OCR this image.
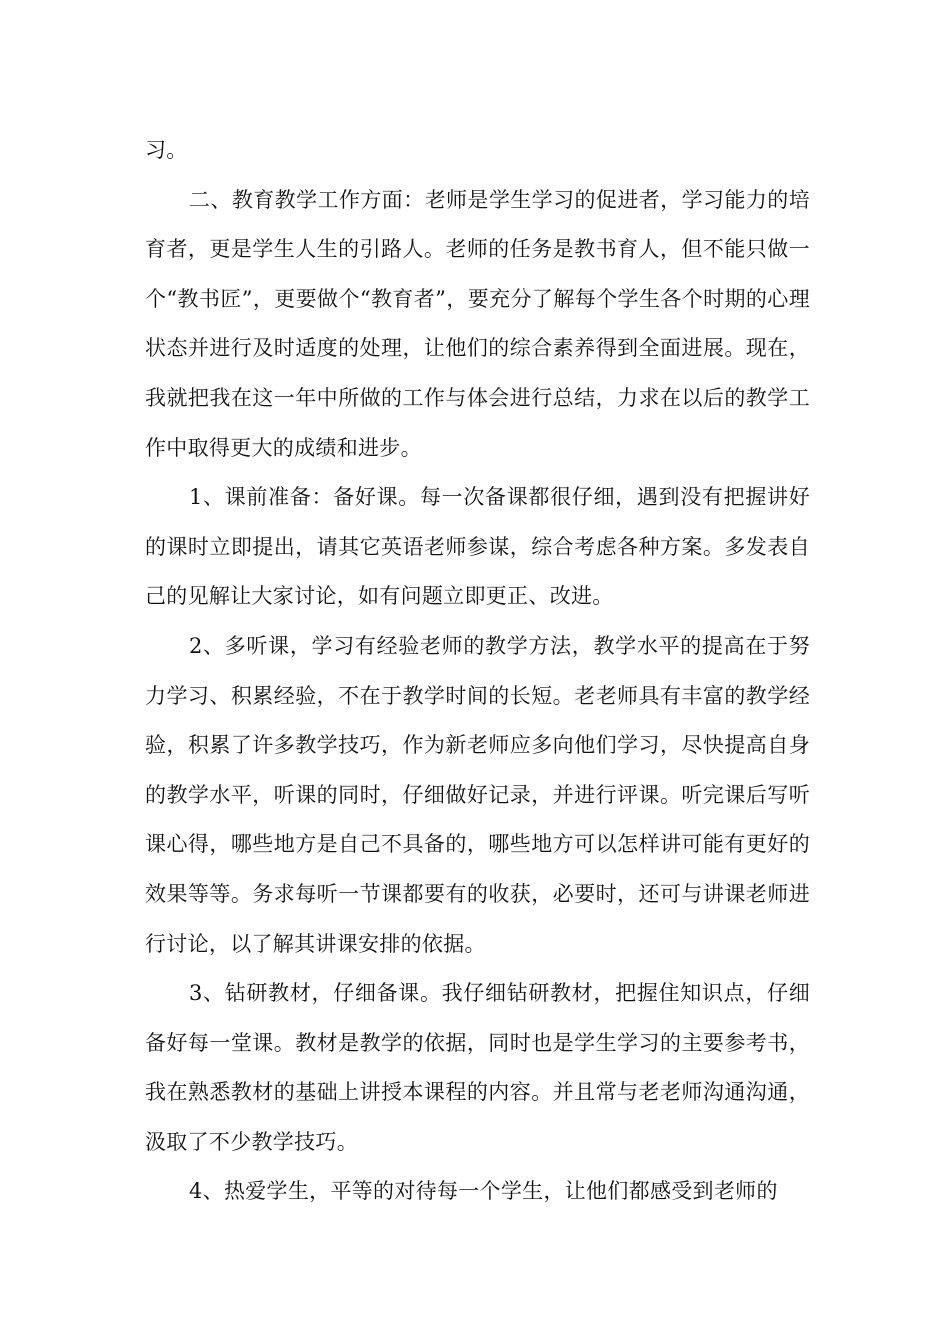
习。

二、教育教学工作方面：老师是学生学习的促进者，学习能力的培育者，更是学生人生的引路人。老师的任务是教书育人，但不能只做一个“教书匠”，更要做个“教育者”，要充分了解每个学生各个时期的心理状态并进行及时适度的处理，让他们的综合素养得到全面进展。现在，我就把我在这一年中所做的工作与体会进行总结，力求在以后的教学工作中取得更大的成绩和进步。

1、课前准备：备好课。每一次备课都很仔细，遇到没有把握讲好的课时立即提出，请其它英语老师参谋，综合考虑各种方案。多发表自己的见解让大家讨论，如有问题立即更正、改进。

2、多听课，学习有经验老师的教学方法，教学水平的提高在于努力学习、积累经验，不在于教学时间的长短。老老师具有丰富的教学经验，积累了许多教学技巧，作为新老师应多向他们学习，尽快提高自身的教学水平，听课的同时，仔细做好记录，并进行评课。听完课后写听课心得，哪些地方是自己不具备的，哪些地方可以怎样讲可能有更好的效果等等。务求每听一节课都要有的收获，必要时，还可与讲课老师进行讨论，以了解其讲课安排的依据。

3、钻研教材，仔细备课。我仔细钻研教材，把握住知识点，仔细备好每一堂课。教材是教学的依据，同时也是学生学习的主要参考书，我在熟悉教材的基础上讲授本课程的内容。并且常与老老师沟通沟通，汲取了不少教学技巧。

4、热爱学生，平等的对待每一个学生，让他们都感受到老师的
